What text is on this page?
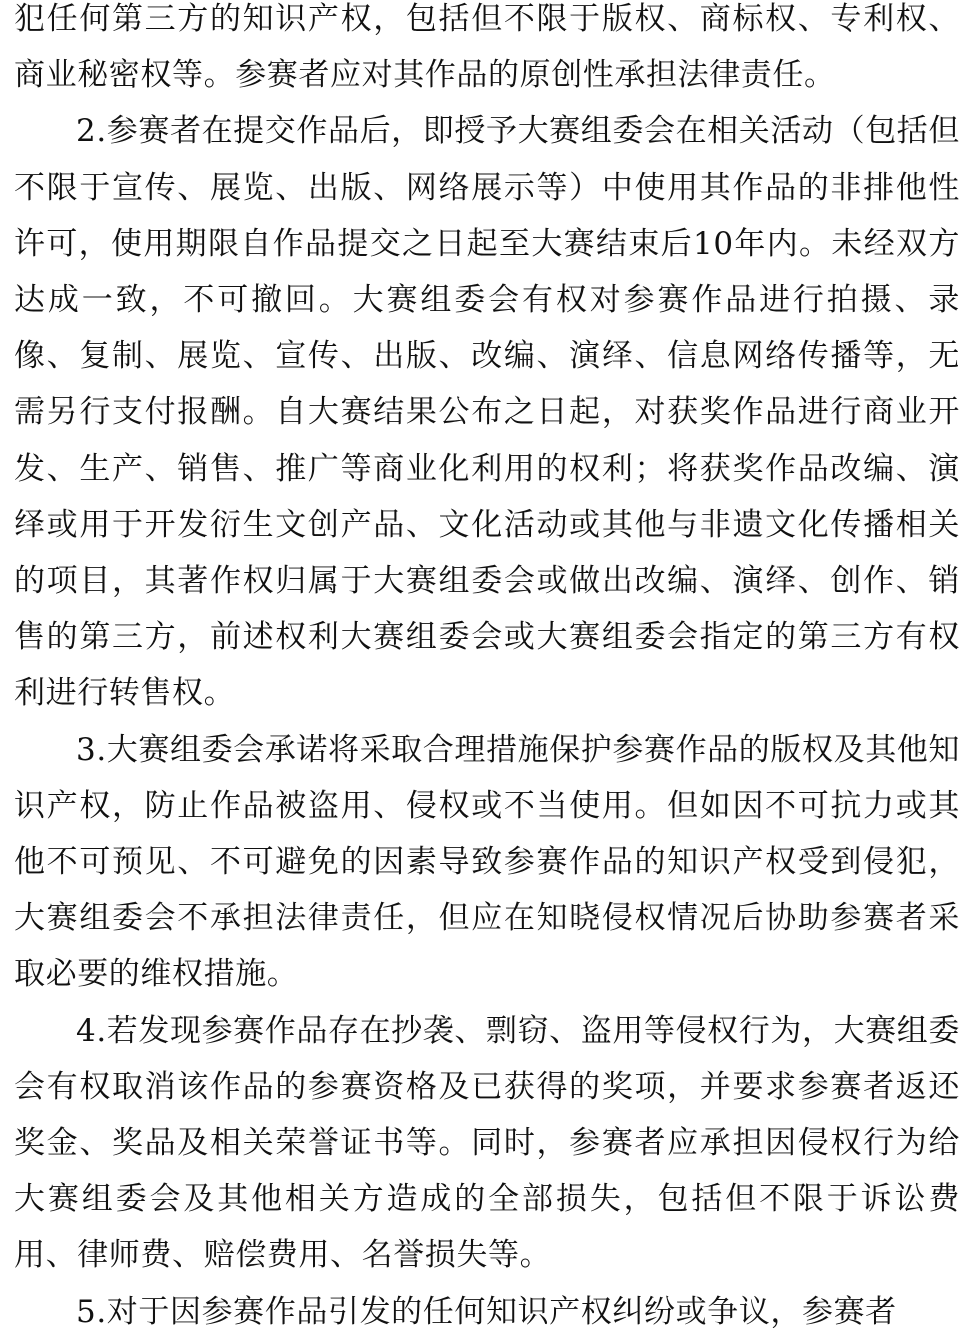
犯任何第三方的知识产权，包括但不限于版权、商标权、专利权、商业秘密权等。参赛者应对其作品的原创性承担法律责任。

2.参赛者在提交作品后，即授予大赛组委会在相关活动（包括但不限于宣传、展览、出版、网络展示等）中使用其作品的非排他性许可，使用期限自作品提交之日起至大赛结束后10年内。未经双方达成一致，不可撤回。大赛组委会有权对参赛作品进行拍摄、录像、复制、展览、宣传、出版、改编、演绎、信息网络传播等，无需另行支付报酬。自大赛结果公布之日起，对获奖作品进行商业开发、生产、销售、推广等商业化利用的权利；将获奖作品改编、演绎或用于开发衍生文创产品、文化活动或其他与非遗文化传播相关的项目，其著作权归属于大赛组委会或做出改编、演绎、创作、销售的第三方，前述权利大赛组委会或大赛组委会指定的第三方有权利进行转售权。

3.大赛组委会承诺将采取合理措施保护参赛作品的版权及其他知识产权，防止作品被盗用、侵权或不当使用。但如因不可抗力或其他不可预见、不可避免的因素导致参赛作品的知识产权受到侵犯，大赛组委会不承担法律责任，但应在知晓侵权情况后协助参赛者采取必要的维权措施。

4.若发现参赛作品存在抄袭、剽窃、盗用等侵权行为，大赛组委会有权取消该作品的参赛资格及已获得的奖项，并要求参赛者返还奖金、奖品及相关荣誉证书等。同时，参赛者应承担因侵权行为给大赛组委会及其他相关方造成的全部损失，包括但不限于诉讼费用、律师费、赔偿费用、名誉损失等。

5.对于因参赛作品引发的任何知识产权纠纷或争议，参赛者
